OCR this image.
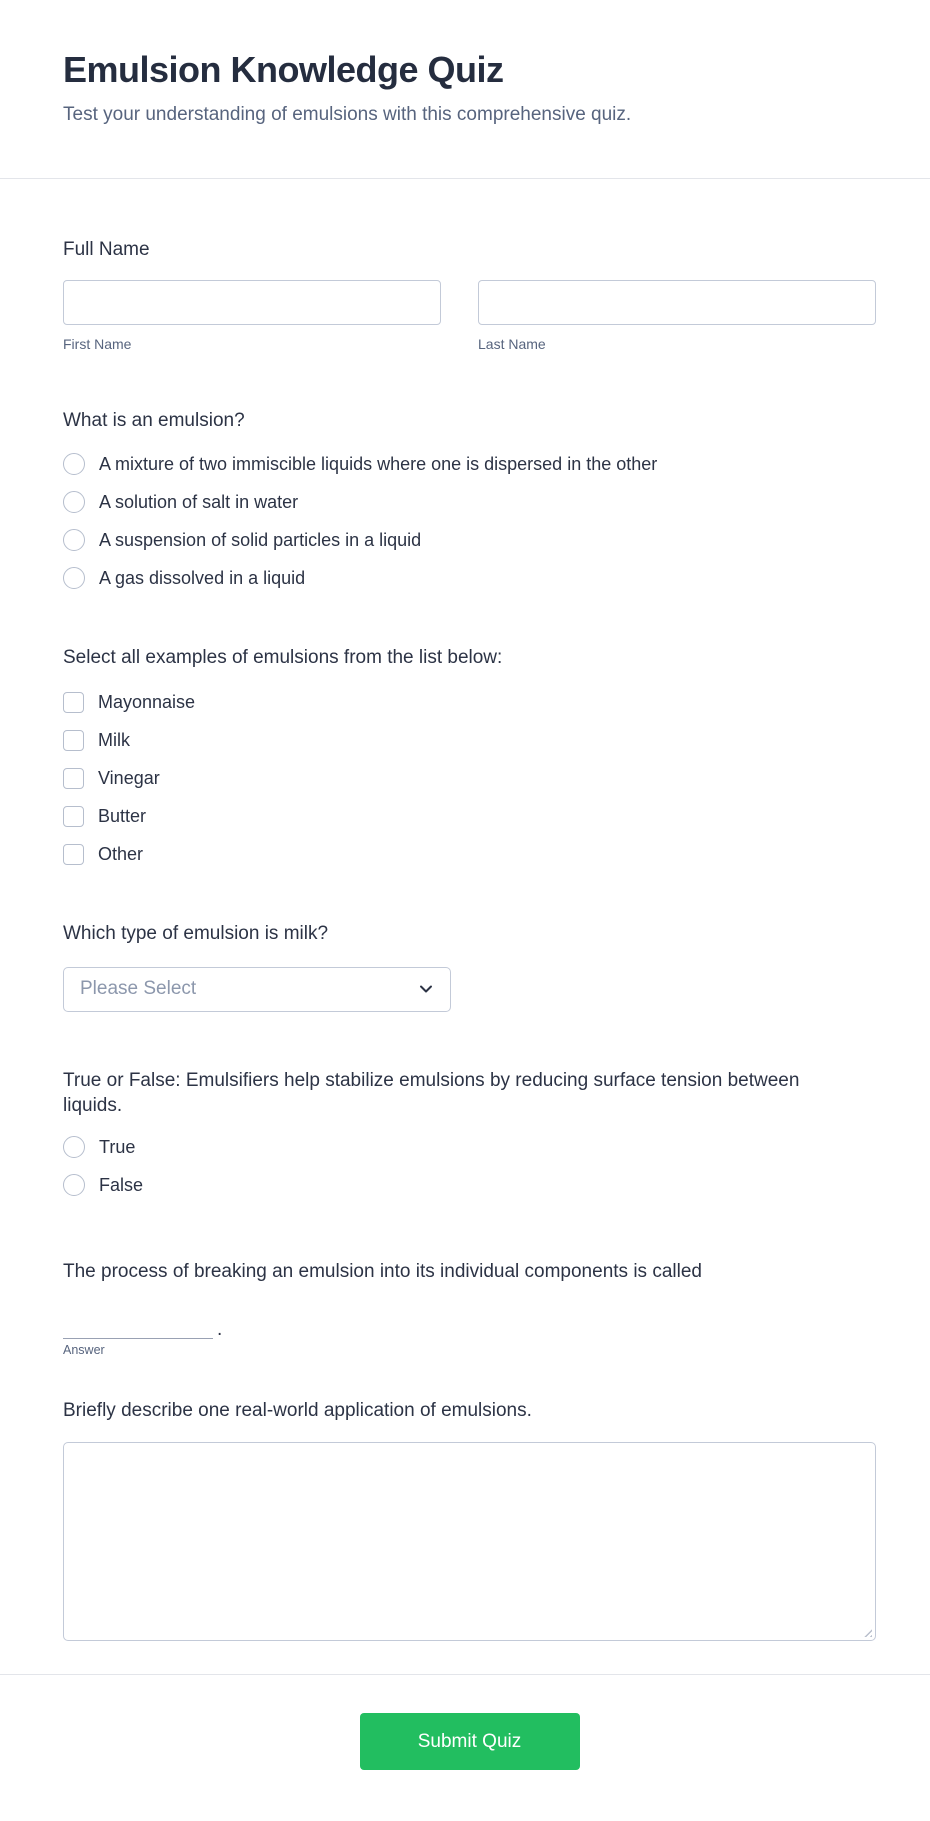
Emulsion Knowledge Quiz
Test your understanding of emulsions with this comprehensive quiz.
Full Name
First Name	Last Name
What is an emulsion?
A mixture of two immiscible liquids where one is dispersed in the other
A solution of salt in water
A suspension of solid particles in a liquid
A gas dissolved in a liquid
Select all examples of emulsions from the list below:
Mayonnaise
Milk
Vinegar
Butter
Other
Which type of emulsion is milk?
Please Select
True or False: Emulsifiers help stabilize emulsions by reducing surface tension between liquids.
True
False
The process of breaking an emulsion into its individual components is called
.
Answer
Briefly describe one real-world application of emulsions.
Submit Quiz
